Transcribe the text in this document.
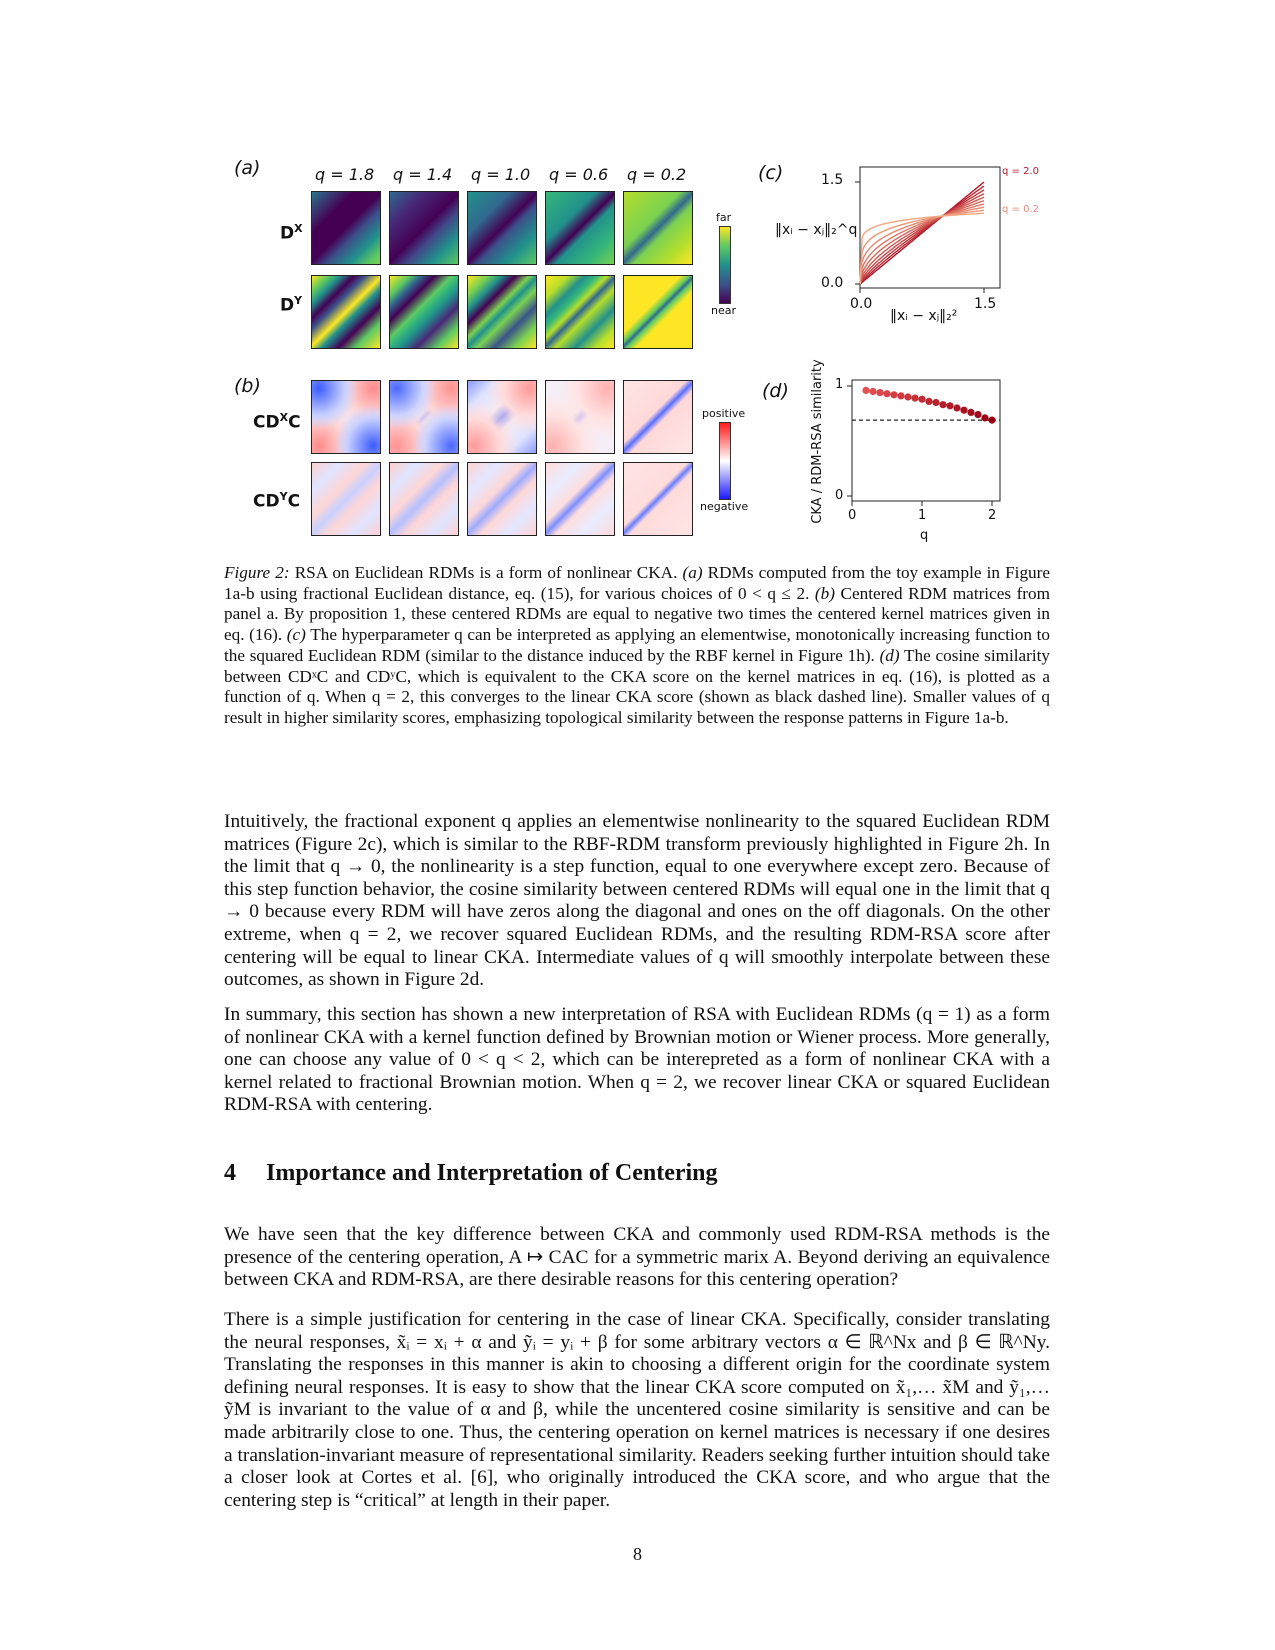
(a)
(b)
(c)
(d)
q = 1.8 q = 1.4 q = 1.0 q = 0.6 q = 0.2
$D^X$
$D^Y$
$CD^XC$
$CD^YC$
far
near
positive
negative
1.5
0.0
0.0	1.5
‖xᵢ − xⱼ‖₂^q
‖xᵢ − xⱼ‖₂²
q = 2.0
q = 0.2
1
0
0	1	2
q
CKA / RDM-RSA similarity
Figure 2: RSA on Euclidean RDMs is a form of nonlinear CKA. (a) RDMs computed from the toy example in Figure 1a-b using fractional Euclidean distance, eq. (15), for various choices of 0 < q ≤ 2. (b) Centered RDM matrices from panel a. By proposition 1, these centered RDMs are equal to negative two times the centered kernel matrices given in eq. (16). (c) The hyperparameter q can be interpreted as applying an elementwise, monotonically increasing function to the squared Euclidean RDM (similar to the distance induced by the RBF kernel in Figure 1h). (d) The cosine similarity between CDˣC and CDʸC, which is equivalent to the CKA score on the kernel matrices in eq. (16), is plotted as a function of q. When q = 2, this converges to the linear CKA score (shown as black dashed line). Smaller values of q result in higher similarity scores, emphasizing topological similarity between the response patterns in Figure 1a-b.

Intuitively, the fractional exponent q applies an elementwise nonlinearity to the squared Euclidean RDM matrices (Figure 2c), which is similar to the RBF-RDM transform previously highlighted in Figure 2h. In the limit that q → 0, the nonlinearity is a step function, equal to one everywhere except zero. Because of this step function behavior, the cosine similarity between centered RDMs will equal one in the limit that q → 0 because every RDM will have zeros along the diagonal and ones on the off diagonals. On the other extreme, when q = 2, we recover squared Euclidean RDMs, and the resulting RDM-RSA score after centering will be equal to linear CKA. Intermediate values of q will smoothly interpolate between these outcomes, as shown in Figure 2d.

In summary, this section has shown a new interpretation of RSA with Euclidean RDMs (q = 1) as a form of nonlinear CKA with a kernel function defined by Brownian motion or Wiener process. More generally, one can choose any value of 0 < q < 2, which can be interepreted as a form of nonlinear CKA with a kernel related to fractional Brownian motion. When q = 2, we recover linear CKA or squared Euclidean RDM-RSA with centering.

4 Importance and Interpretation of Centering

We have seen that the key difference between CKA and commonly used RDM-RSA methods is the presence of the centering operation, A ↦ CAC for a symmetric marix A. Beyond deriving an equivalence between CKA and RDM-RSA, are there desirable reasons for this centering operation?

There is a simple justification for centering in the case of linear CKA. Specifically, consider translating the neural responses, x̃ᵢ = xᵢ + α and ỹᵢ = yᵢ + β for some arbitrary vectors α ∈ ℝ^Nx and β ∈ ℝ^Ny. Translating the responses in this manner is akin to choosing a different origin for the coordinate system defining neural responses. It is easy to show that the linear CKA score computed on x̃₁,… x̃M and ỹ₁,… ỹM is invariant to the value of α and β, while the uncentered cosine similarity is sensitive and can be made arbitrarily close to one. Thus, the centering operation on kernel matrices is necessary if one desires a translation-invariant measure of representational similarity. Readers seeking further intuition should take a closer look at Cortes et al. [6], who originally introduced the CKA score, and who argue that the centering step is “critical” at length in their paper.

8
